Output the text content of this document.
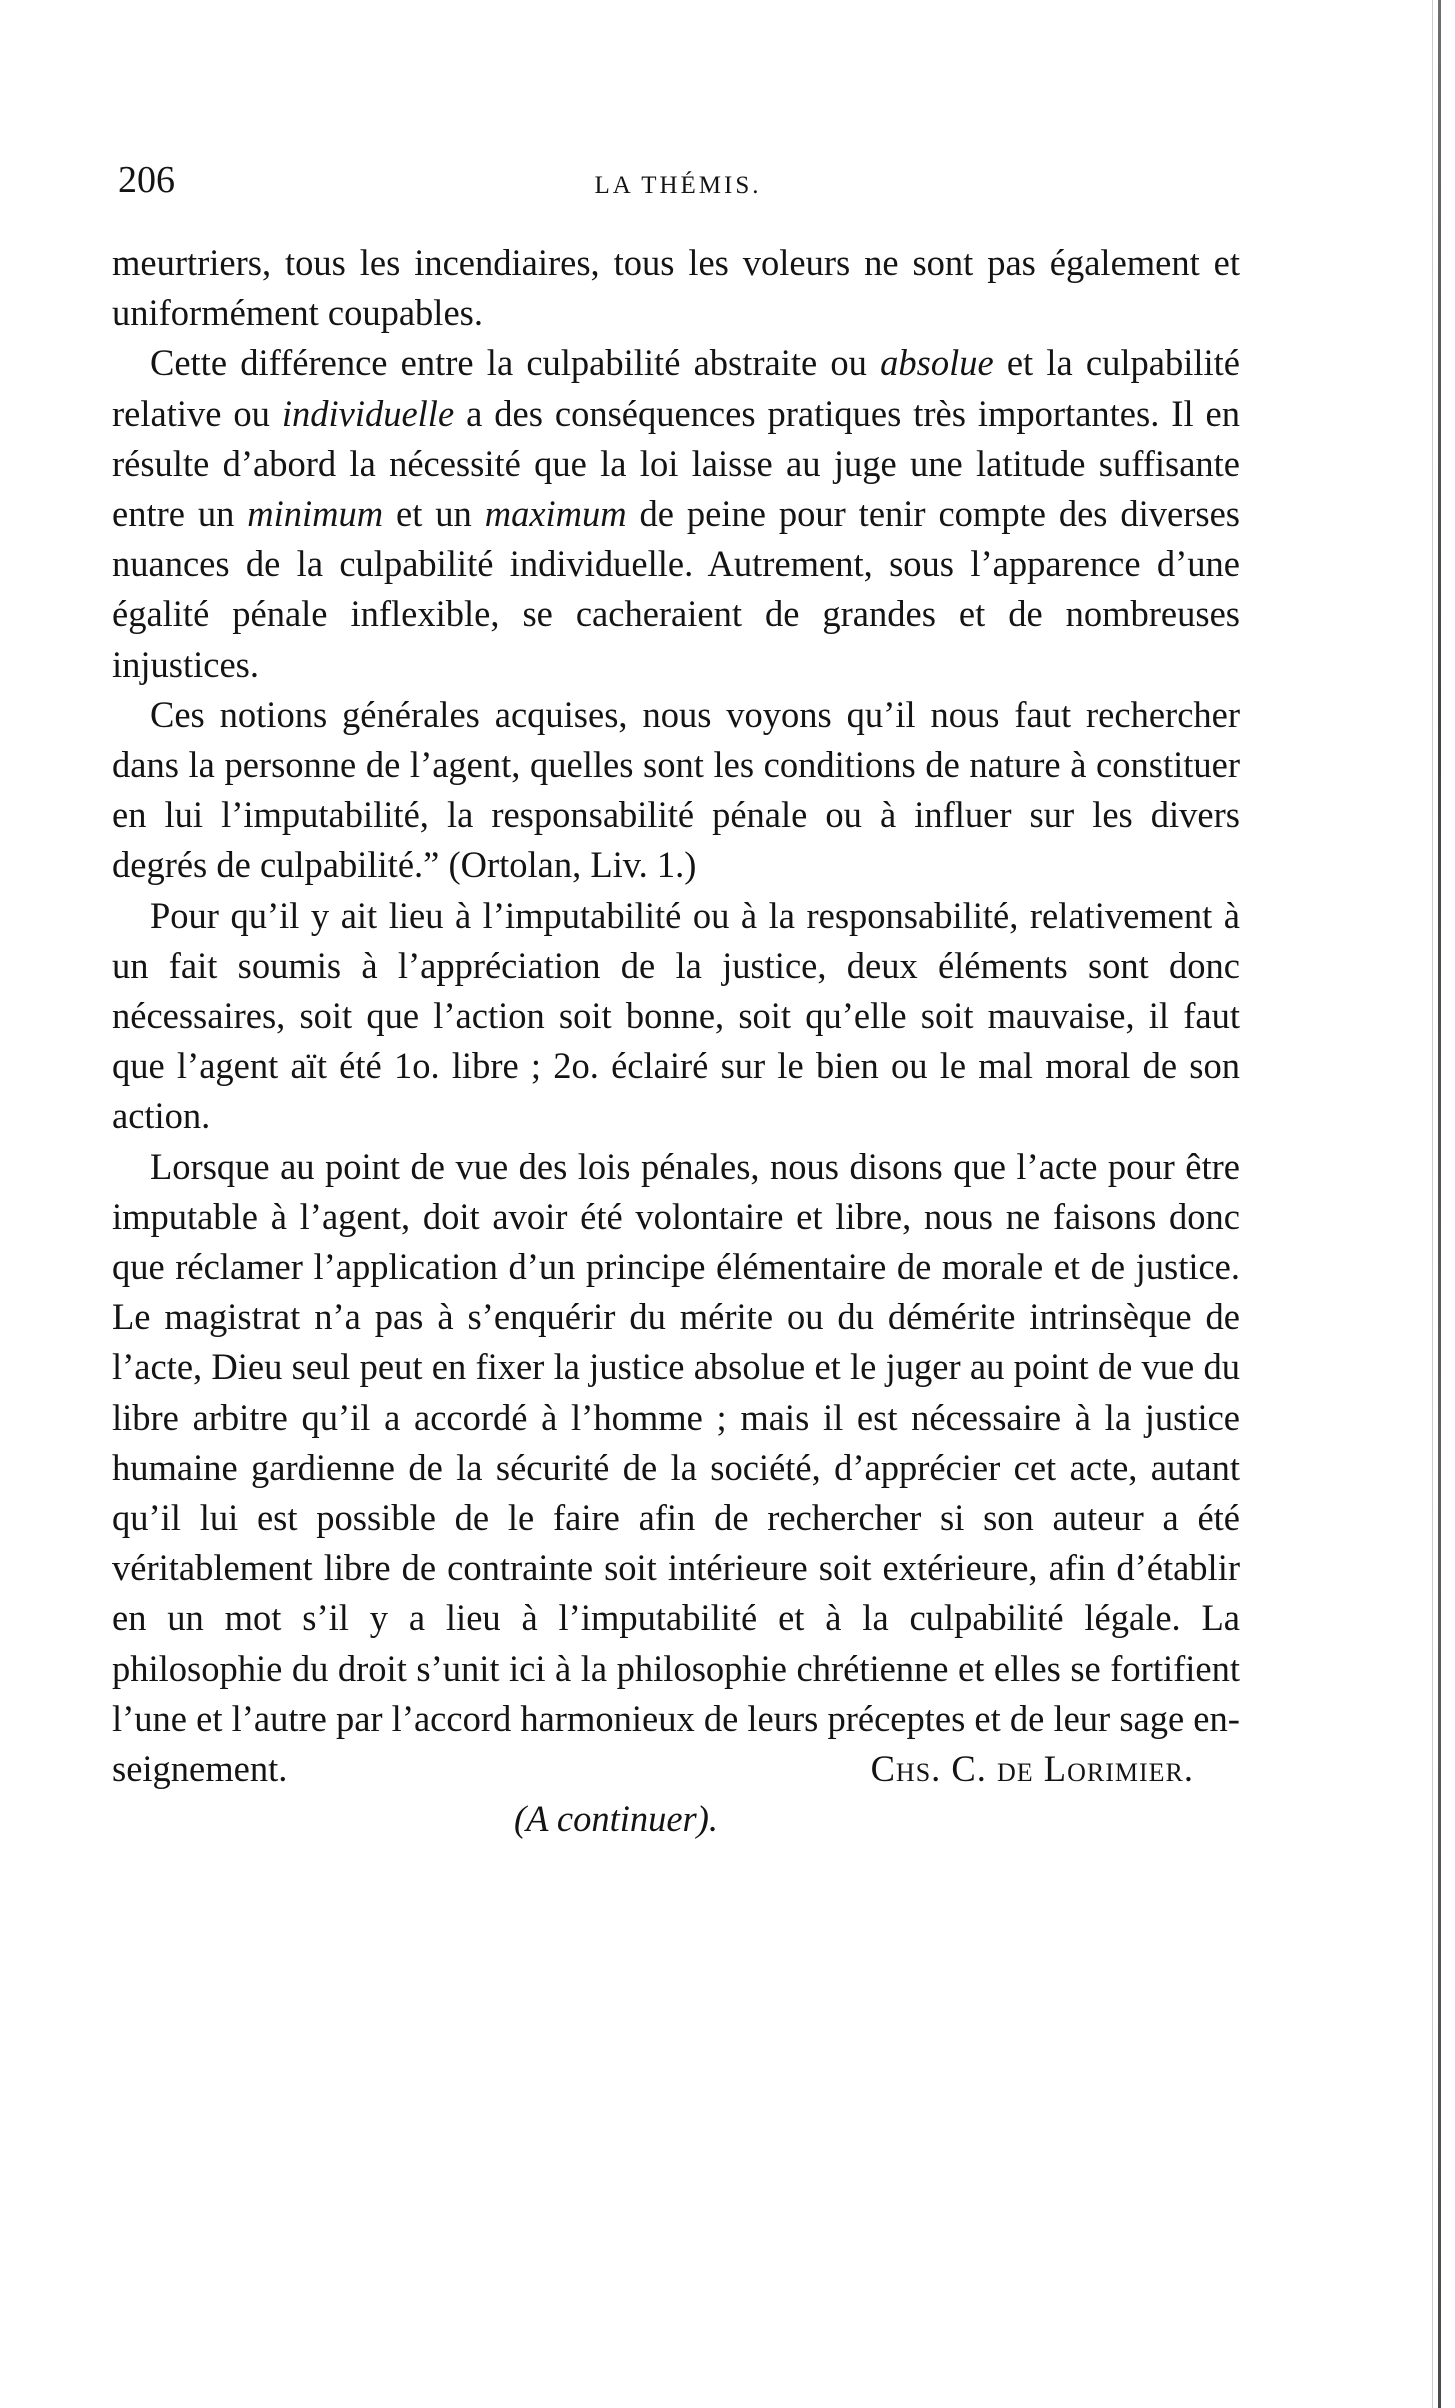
206	LA THÉMIS.

meurtriers, tous les incendiaires, tous les voleurs ne sont pas également et uniformément coupables.

Cette différence entre la culpabilité abstraite ou absolue et la culpabilité relative ou individuelle a des conséquences pratiques très importantes. Il en résulte d’abord la nécessité que la loi laisse au juge une latitude suffisante entre un minimum et un maximum de peine pour tenir compte des diverses nuances de la culpabilité individuelle. Autrement, sous l’apparence d’une égalité pénale inflexible, se cacheraient de grandes et de nombreuses injustices.

Ces notions générales acquises, nous voyons qu’il nous faut rechercher dans la personne de l’agent, quelles sont les conditions de nature à constituer en lui l’imputabilité, la responsabilité pénale ou à influer sur les divers degrés de culpabilité.” (Ortolan, Liv. 1.)

Pour qu’il y ait lieu à l’imputabilité ou à la responsabilité, relativement à un fait soumis à l’appréciation de la justice, deux éléments sont donc nécessaires, soit que l’action soit bonne, soit qu’elle soit mauvaise, il faut que l’agent aït été 1o. libre ; 2o. éclairé sur le bien ou le mal moral de son action.

Lorsque au point de vue des lois pénales, nous disons que l’acte pour être imputable à l’agent, doit avoir été volontaire et libre, nous ne faisons donc que réclamer l’application d’un principe élémentaire de morale et de justice. Le magistrat n’a pas à s’enquérir du mérite ou du démérite intrinsèque de l’acte, Dieu seul peut en fixer la justice absolue et le juger au point de vue du libre arbitre qu’il a accordé à l’homme ; mais il est nécessaire à la justice humaine gardienne de la sécurité de la société, d’apprécier cet acte, autant qu’il lui est possible de le faire afin de rechercher si son auteur a été véritablement libre de contrainte soit intérieure soit extérieure, afin d’établir en un mot s’il y a lieu à l’imputabilité et à la culpabilité légale. La philosophie du droit s’unit ici à la philosophie chrétienne et elles se fortifient l’une et l’autre par l’accord harmonieux de leurs préceptes et de leur sage en-

seignement.	Chs. C. de Lorimier.
(A continuer).
